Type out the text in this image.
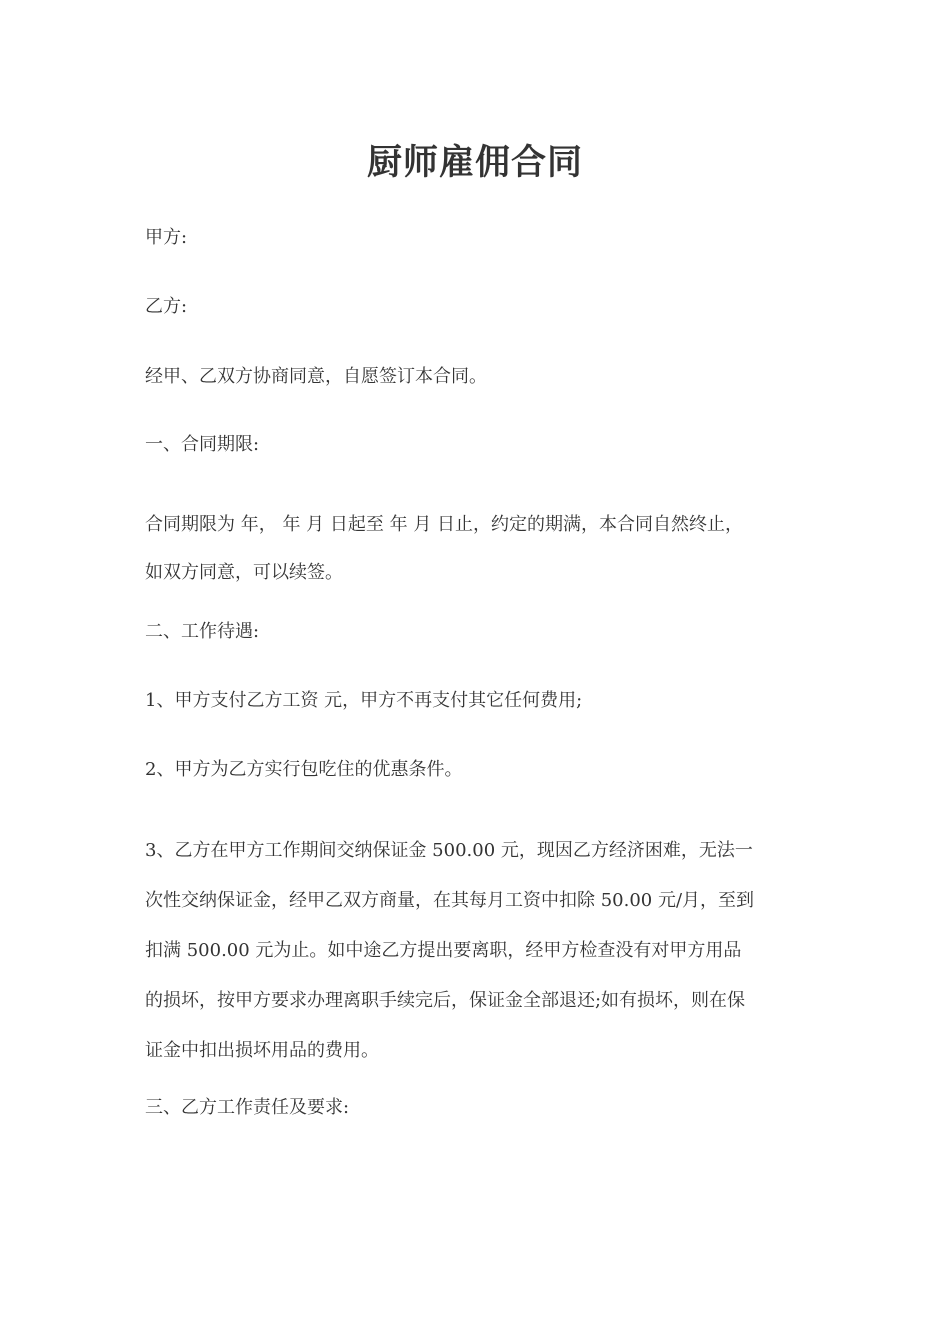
厨师雇佣合同

甲方:

乙方:

经甲、乙双方协商同意，自愿签订本合同。

一、合同期限:

合同期限为 年， 年 月 日起至 年 月 日止，约定的期满，本合同自然终止，
如双方同意，可以续签。

二、工作待遇:

1、甲方支付乙方工资 元，甲方不再支付其它任何费用;

2、甲方为乙方实行包吃住的优惠条件。

3、乙方在甲方工作期间交纳保证金 500.00 元，现因乙方经济困难，无法一
次性交纳保证金，经甲乙双方商量，在其每月工资中扣除 50.00 元/月，至到
扣满 500.00 元为止。如中途乙方提出要离职，经甲方检查没有对甲方用品
的损坏，按甲方要求办理离职手续完后，保证金全部退还;如有损坏，则在保
证金中扣出损坏用品的费用。

三、乙方工作责任及要求:
